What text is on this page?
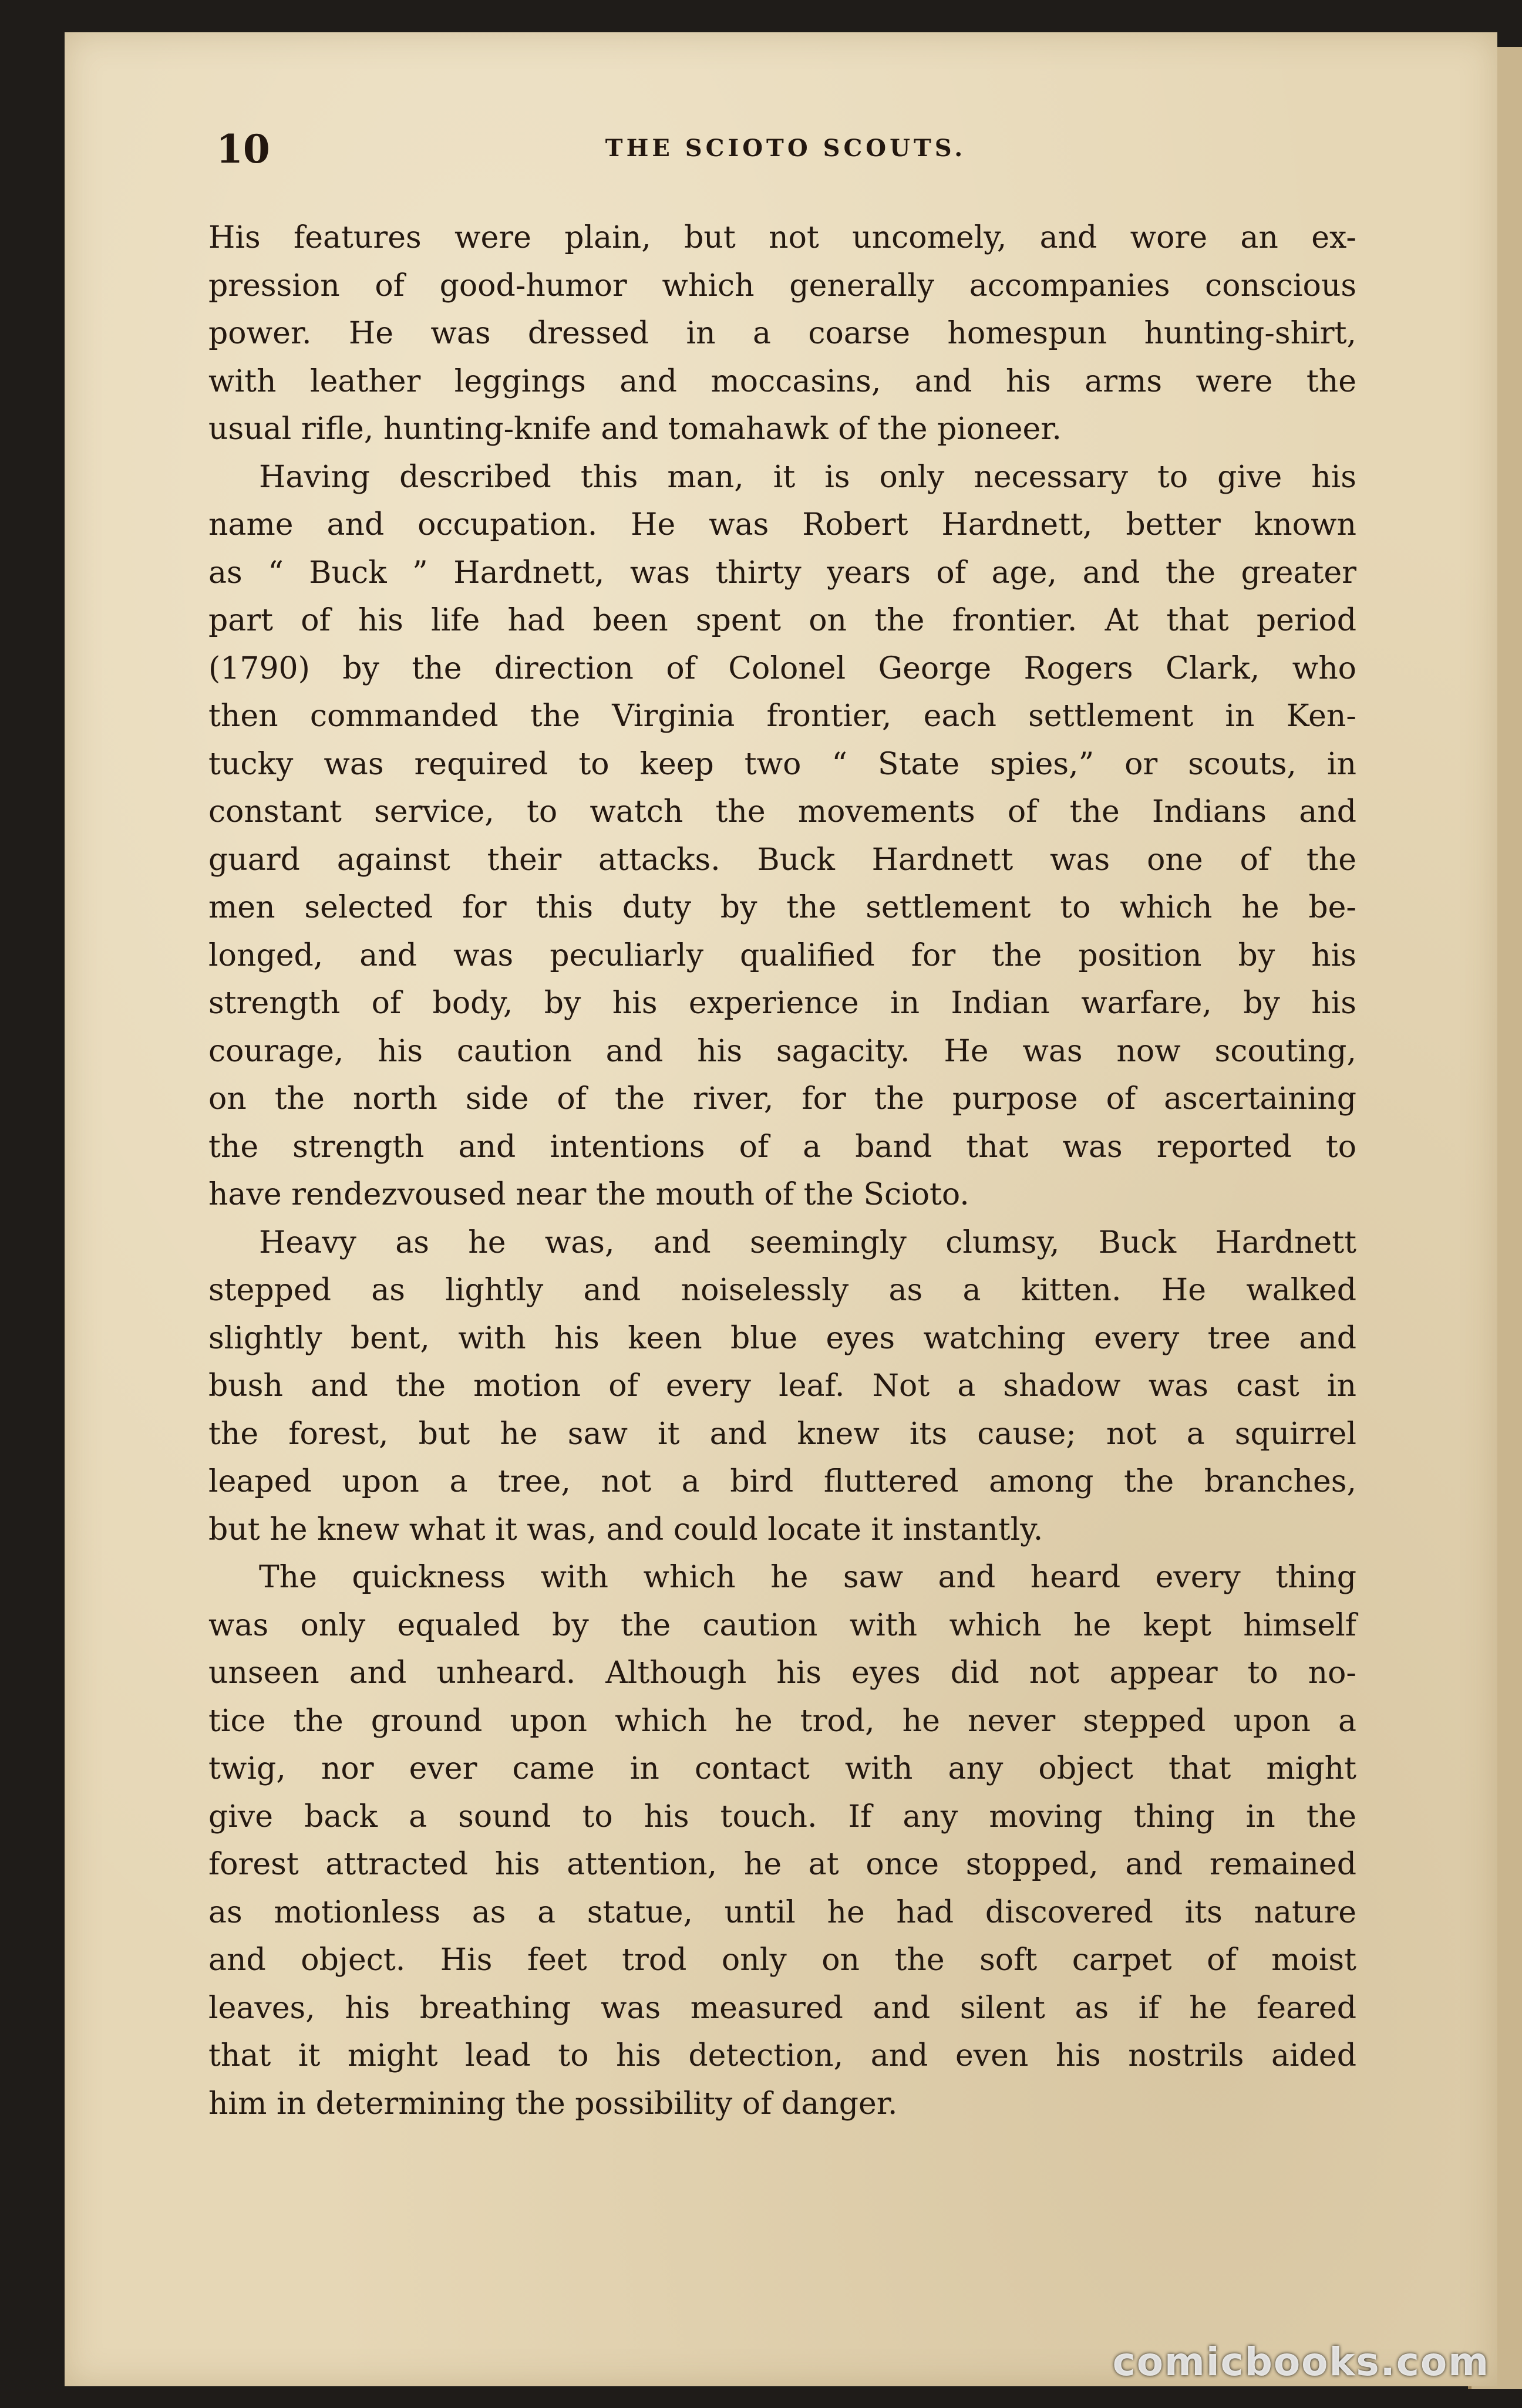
10	THE SCIOTO SCOUTS.
His features were plain, but not uncomely, and wore an ex-
pression of good-humor which generally accompanies conscious
power. He was dressed in a coarse homespun hunting-shirt,
with leather leggings and moccasins, and his arms were the
usual rifle, hunting-knife and tomahawk of the pioneer.
Having described this man, it is only necessary to give his
name and occupation. He was Robert Hardnett, better known
as “ Buck ” Hardnett, was thirty years of age, and the greater
part of his life had been spent on the frontier. At that period
(1790) by the direction of Colonel George Rogers Clark, who
then commanded the Virginia frontier, each settlement in Ken-
tucky was required to keep two “ State spies,” or scouts, in
constant service, to watch the movements of the Indians and
guard against their attacks. Buck Hardnett was one of the
men selected for this duty by the settlement to which he be-
longed, and was peculiarly qualified for the position by his
strength of body, by his experience in Indian warfare, by his
courage, his caution and his sagacity. He was now scouting,
on the north side of the river, for the purpose of ascertaining
the strength and intentions of a band that was reported to
have rendezvoused near the mouth of the Scioto.
Heavy as he was, and seemingly clumsy, Buck Hardnett
stepped as lightly and noiselessly as a kitten. He walked
slightly bent, with his keen blue eyes watching every tree and
bush and the motion of every leaf. Not a shadow was cast in
the forest, but he saw it and knew its cause; not a squirrel
leaped upon a tree, not a bird fluttered among the branches,
but he knew what it was, and could locate it instantly.
The quickness with which he saw and heard every thing
was only equaled by the caution with which he kept himself
unseen and unheard. Although his eyes did not appear to no-
tice the ground upon which he trod, he never stepped upon a
twig, nor ever came in contact with any object that might
give back a sound to his touch. If any moving thing in the
forest attracted his attention, he at once stopped, and remained
as motionless as a statue, until he had discovered its nature
and object. His feet trod only on the soft carpet of moist
leaves, his breathing was measured and silent as if he feared
that it might lead to his detection, and even his nostrils aided
him in determining the possibility of danger.
comicbooks.com
